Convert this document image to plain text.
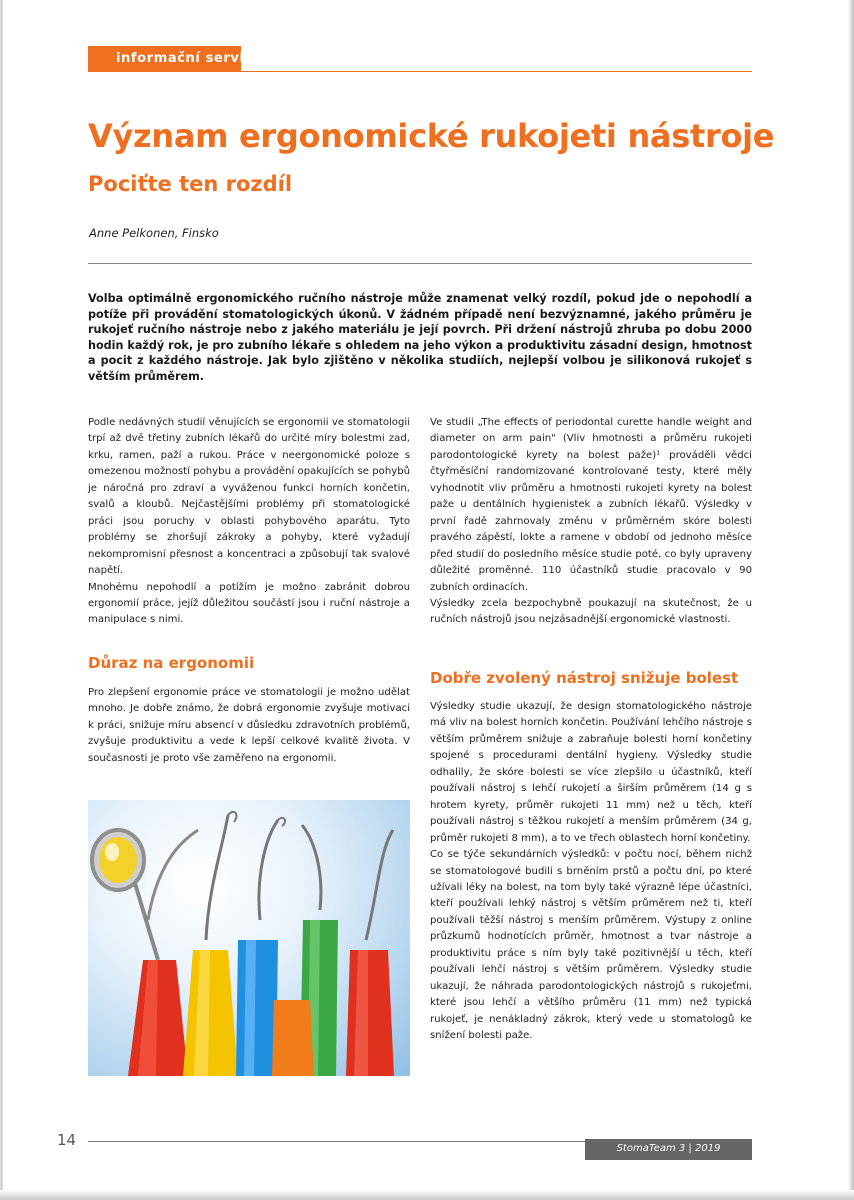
informační servis
Význam ergonomické rukojeti nástroje
Pociťte ten rozdíl
Anne Pelkonen, Finsko

Volba optimálně ergonomického ručního nástroje může znamenat velký rozdíl, pokud jde o nepohodlí a potíže při provádění stomatologických úkonů. V žádném případě není bezvýznamné, jakého průměru je rukojeť ručního nástroje nebo z jakého materiálu je její povrch. Při držení nástrojů zhruba po dobu 2000 hodin každý rok, je pro zubního lékaře s ohledem na jeho výkon a produktivitu zásadní design, hmotnost a pocit z každého nástroje. Jak bylo zjištěno v několika studiích, nejlepší volbou je silikonová rukojeť s větším průměrem.

Podle nedávných studií věnujících se ergonomii ve stomatologii trpí až dvě třetiny zubních lékařů do určité míry bolestmi zad, krku, ramen, paží a rukou. Práce v neergonomické poloze s omezenou možností pohybu a provádění opakujících se pohybů je náročná pro zdraví a vyváženou funkci horních končetin, svalů a kloubů. Nejčastějšími problémy při stomatologické práci jsou poruchy v oblasti pohybového aparátu. Tyto problémy se zhoršují zákroky a pohyby, které vyžadují nekompromisní přesnost a koncentraci a způsobují tak svalové napětí.

Mnohému nepohodlí a potížím je možno zabránit dobrou ergonomií práce, jejíž důležitou součástí jsou i ruční nástroje a manipulace s nimi.

Důraz na ergonomii

Pro zlepšení ergonomie práce ve stomatologii je možno udělat mnoho. Je dobře známo, že dobrá ergonomie zvyšuje motivaci k práci, snižuje míru absencí v důsledku zdravotních problémů, zvyšuje produktivitu a vede k lepší celkové kvalitě života. V současnosti je proto vše zaměřeno na ergonomii.

Ve studii „The effects of periodontal curette handle weight and diameter on arm pain" (Vliv hmotnosti a průměru rukojeti parodontologické kyrety na bolest paže)¹ prováděli vědci čtyřměsíční randomizované kontrolované testy, které měly vyhodnotit vliv průměru a hmotnosti rukojeti kyrety na bolest paže u dentálních hygienistek a zubních lékařů. Výsledky v první řadě zahrnovaly změnu v průměrném skóre bolesti pravého zápěstí, lokte a ramene v období od jednoho měsíce před studií do posledního měsíce studie poté, co byly upraveny důležité proměnné. 110 účastníků studie pracovalo v 90 zubních ordinacích.

Výsledky zcela bezpochybně poukazují na skutečnost, že u ručních nástrojů jsou nejzásadnější ergonomické vlastnosti.

Dobře zvolený nástroj snižuje bolest

Výsledky studie ukazují, že design stomatologického nástroje má vliv na bolest horních končetin. Používání lehčího nástroje s větším průměrem snižuje a zabraňuje bolesti horní končetiny spojené s procedurami dentální hygieny. Výsledky studie odhalily, že skóre bolesti se více zlepšilo u účastníků, kteří používali nástroj s lehčí rukojetí a širším průměrem (14 g s hrotem kyrety, průměr rukojeti 11 mm) než u těch, kteří používali nástroj s těžkou rukojetí a menším průměrem (34 g, průměr rukojeti 8 mm), a to ve třech oblastech horní končetiny.

Co se týče sekundárních výsledků: v počtu nocí, během nichž se stomatologové budili s brněním prstů a počtu dní, po které užívali léky na bolest, na tom byly také výrazně lépe účastníci, kteří používali lehký nástroj s větším průměrem než ti, kteří používali těžší nástroj s menším průměrem. Výstupy z online průzkumů hodnotících průměr, hmotnost a tvar nástroje a produktivitu práce s ním byly také pozitivnější u těch, kteří používali lehčí nástroj s větším průměrem. Výsledky studie ukazují, že náhrada parodontologických nástrojů s rukojeťmi, které jsou lehčí a většího průměru (11 mm) než typická rukojeť, je nenákladný zákrok, který vede u stomatologů ke snížení bolesti paže.

14	StomaTeam 3 | 2019
